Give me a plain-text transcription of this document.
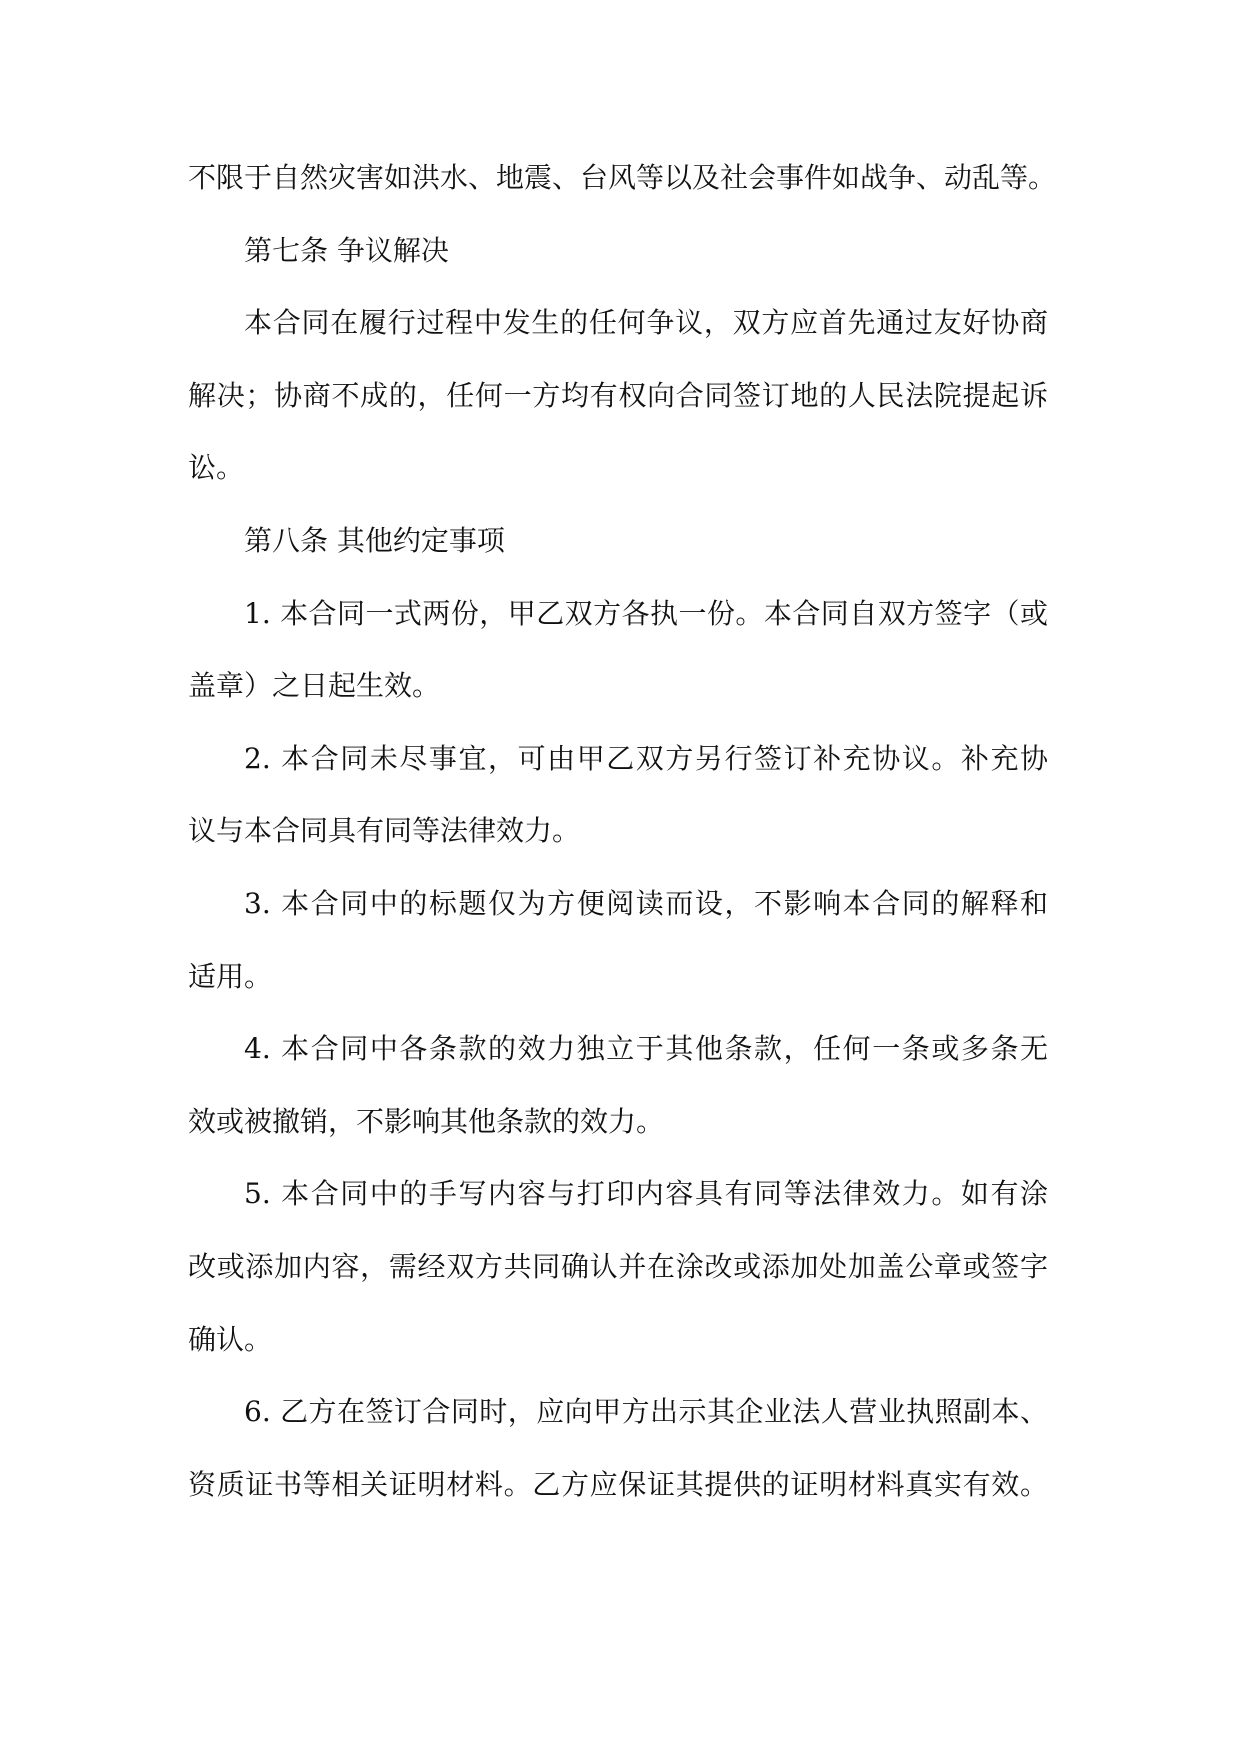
不限于自然灾害如洪水、地震、台风等以及社会事件如战争、动乱等。
第七条 争议解决
本合同在履行过程中发生的任何争议，双方应首先通过友好协商
解决；协商不成的，任何一方均有权向合同签订地的人民法院提起诉
讼。
第八条 其他约定事项
1. 本合同一式两份，甲乙双方各执一份。本合同自双方签字（或
盖章）之日起生效。
2. 本合同未尽事宜，可由甲乙双方另行签订补充协议。补充协
议与本合同具有同等法律效力。
3. 本合同中的标题仅为方便阅读而设，不影响本合同的解释和
适用。
4. 本合同中各条款的效力独立于其他条款，任何一条或多条无
效或被撤销，不影响其他条款的效力。
5. 本合同中的手写内容与打印内容具有同等法律效力。如有涂
改或添加内容，需经双方共同确认并在涂改或添加处加盖公章或签字
确认。
6. 乙方在签订合同时，应向甲方出示其企业法人营业执照副本、
资质证书等相关证明材料。乙方应保证其提供的证明材料真实有效。
